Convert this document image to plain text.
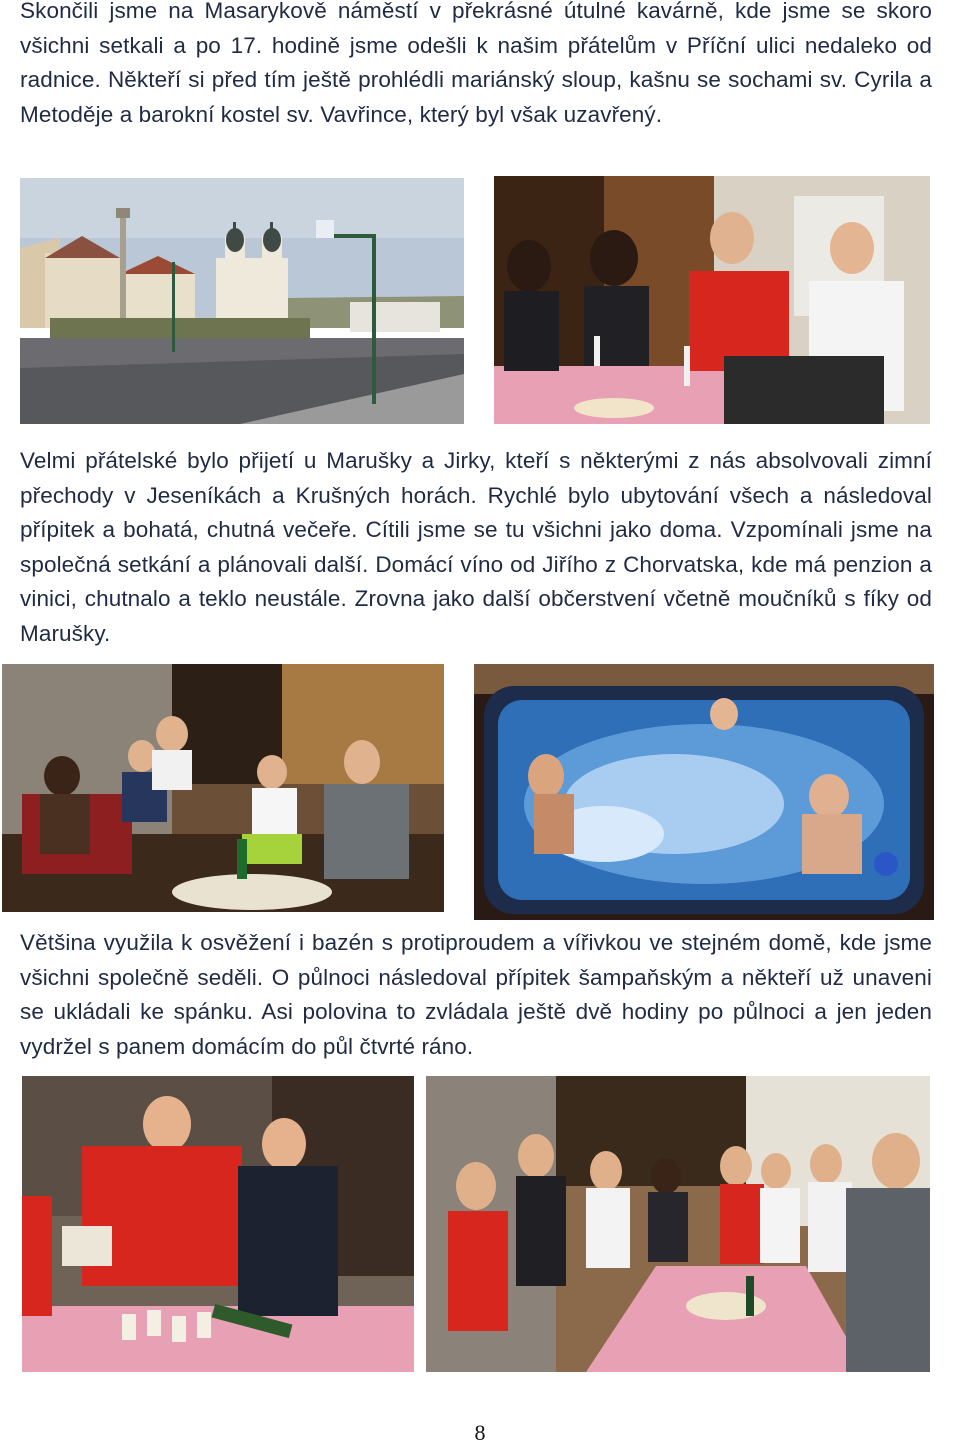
Skončili jsme na Masarykově náměstí v překrásné útulné kavárně, kde jsme se skoro všichni setkali a po 17. hodině jsme odešli k našim přátelům v Příční ulici nedaleko od radnice. Někteří si před tím ještě prohlédli mariánský sloup, kašnu se sochami sv. Cyrila a Metoděje a barokní kostel sv. Vavřince, který byl však uzavřený.

Velmi přátelské bylo přijetí u Marušky a Jirky, kteří s některými z nás absolvovali zimní přechody v Jeseníkách a Krušných horách. Rychlé bylo ubytování všech a následoval přípitek a bohatá, chutná večeře. Cítili jsme se tu všichni jako doma. Vzpomínali jsme na společná setkání a plánovali další. Domácí víno od Jiřího z Chorvatska, kde má penzion a vinici, chutnalo a teklo neustále. Zrovna jako další občerstvení včetně moučníků s fíky od Marušky.

Většina využila k osvěžení i bazén s protiproudem a vířivkou ve stejném domě, kde jsme všichni společně seděli. O půlnoci následoval přípitek šampaňským a někteří už unaveni se ukládali ke spánku. Asi polovina to zvládala ještě dvě hodiny po půlnoci a jen jeden vydržel s panem domácím do půl čtvrté ráno.

8
